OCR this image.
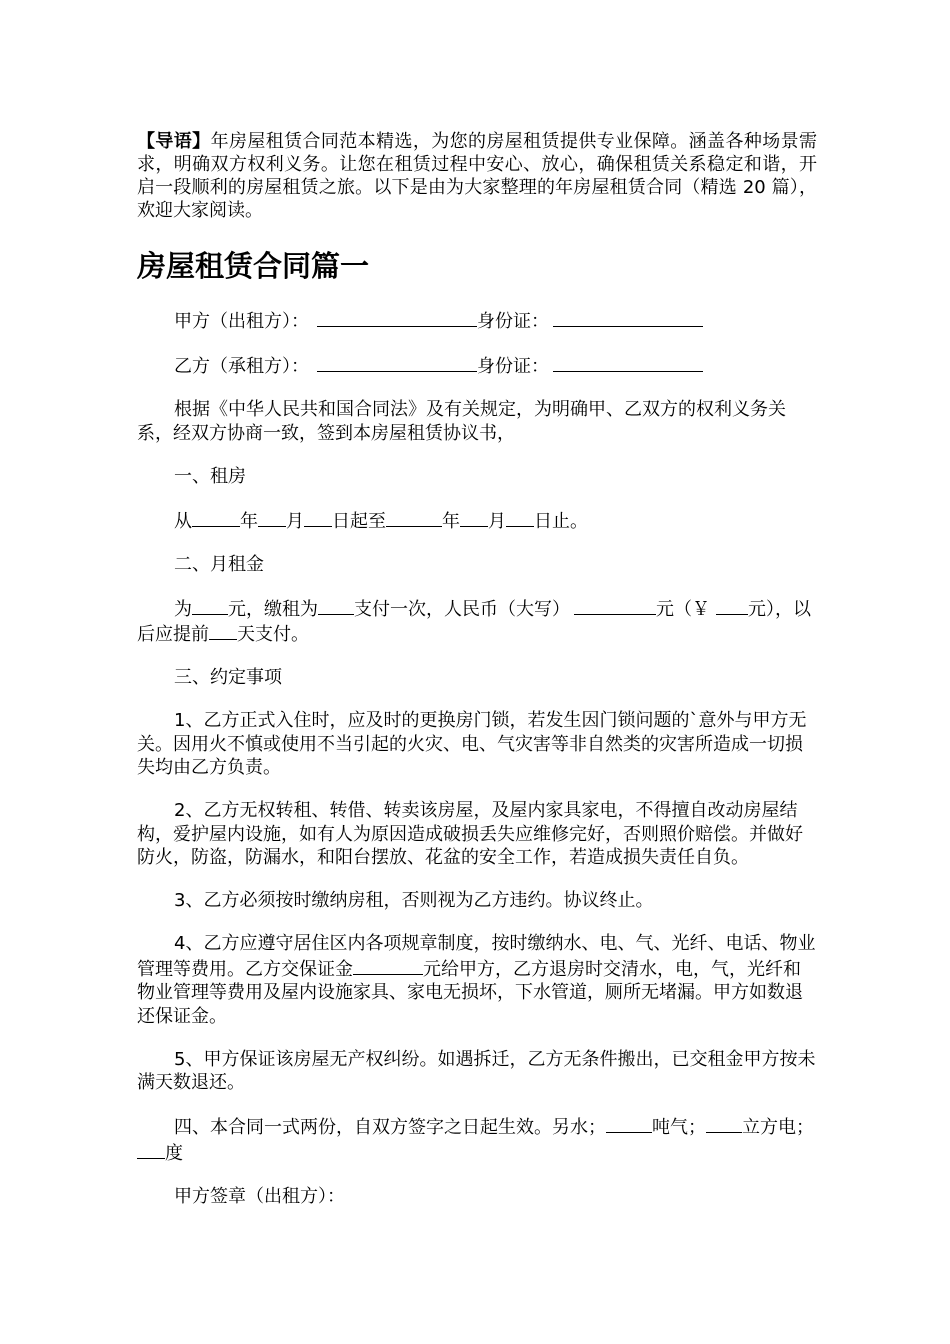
【导语】年房屋租赁合同范本精选，为您的房屋租赁提供专业保障。涵盖各种场景需求，明确双方权利义务。让您在租赁过程中安心、放心，确保租赁关系稳定和谐，开启一段顺利的房屋租赁之旅。以下是由为大家整理的年房屋租赁合同（精选 20 篇），欢迎大家阅读。

房屋租赁合同篇一

甲方（出租方）：	身份证：

乙方（承租方）：	身份证：

根据《中华人民共和国合同法》及有关规定，为明确甲、乙双方的权利义务关系，经双方协商一致，签到本房屋租赁协议书，

一、租房

从	年 月 日起至	年 月 日止。

二、月租金

为 元，缴租为 支付一次，人民币（大写）	元（￥ 元），以后应提前 天支付。

三、约定事项

1、乙方正式入住时，应及时的更换房门锁，若发生因门锁问题的`意外与甲方无关。因用火不慎或使用不当引起的火灾、电、气灾害等非自然类的灾害所造成一切损失均由乙方负责。

2、乙方无权转租、转借、转卖该房屋，及屋内家具家电，不得擅自改动房屋结构，爱护屋内设施，如有人为原因造成破损丢失应维修完好，否则照价赔偿。并做好防火，防盗，防漏水，和阳台摆放、花盆的安全工作，若造成损失责任自负。

3、乙方必须按时缴纳房租，否则视为乙方违约。协议终止。

4、乙方应遵守居住区内各项规章制度，按时缴纳水、电、气、光纤、电话、物业管理等费用。乙方交保证金	元给甲方，乙方退房时交清水，电，气，光纤和物业管理等费用及屋内设施家具、家电无损坏，下水管道，厕所无堵漏。甲方如数退还保证金。

5、甲方保证该房屋无产权纠纷。如遇拆迁，乙方无条件搬出，已交租金甲方按未满天数退还。

四、本合同一式两份，自双方签字之日起生效。另水；	吨气； 立方电；度

甲方签章（出租方）：
